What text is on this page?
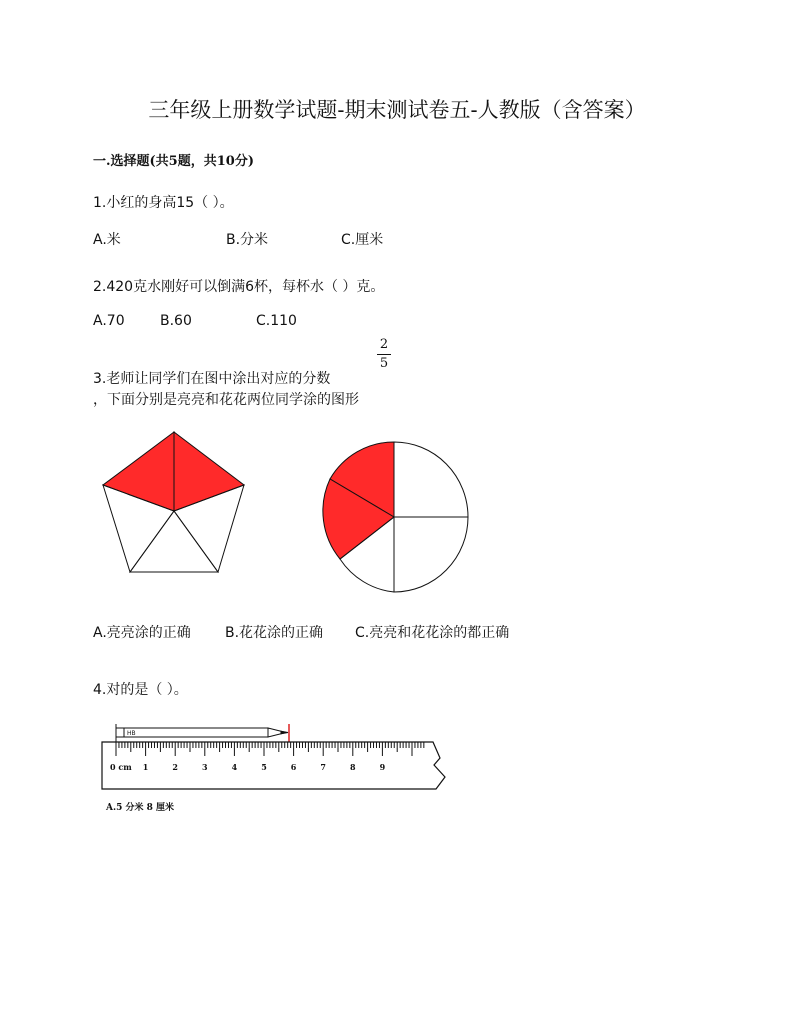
三年级上册数学试题-期末测试卷五-人教版（含答案）
一.选择题(共5题，共10分)
1.小红的身高15（ ）。
A.米	B.分米	C.厘米
2.420克水刚好可以倒满6杯，每杯水（ ）克。
A.70	B.60	C.110
3.老师让同学们在图中涂出对应的分数
2
5
，下面分别是亮亮和花花两位同学涂的图形
A.亮亮涂的正确 B.花花涂的正确 C.亮亮和花花涂的都正确
4.对的是（ ）。
HB
0 cm 1	2	3	4	5	6	7	8	9
A.5 分米 8 厘米
